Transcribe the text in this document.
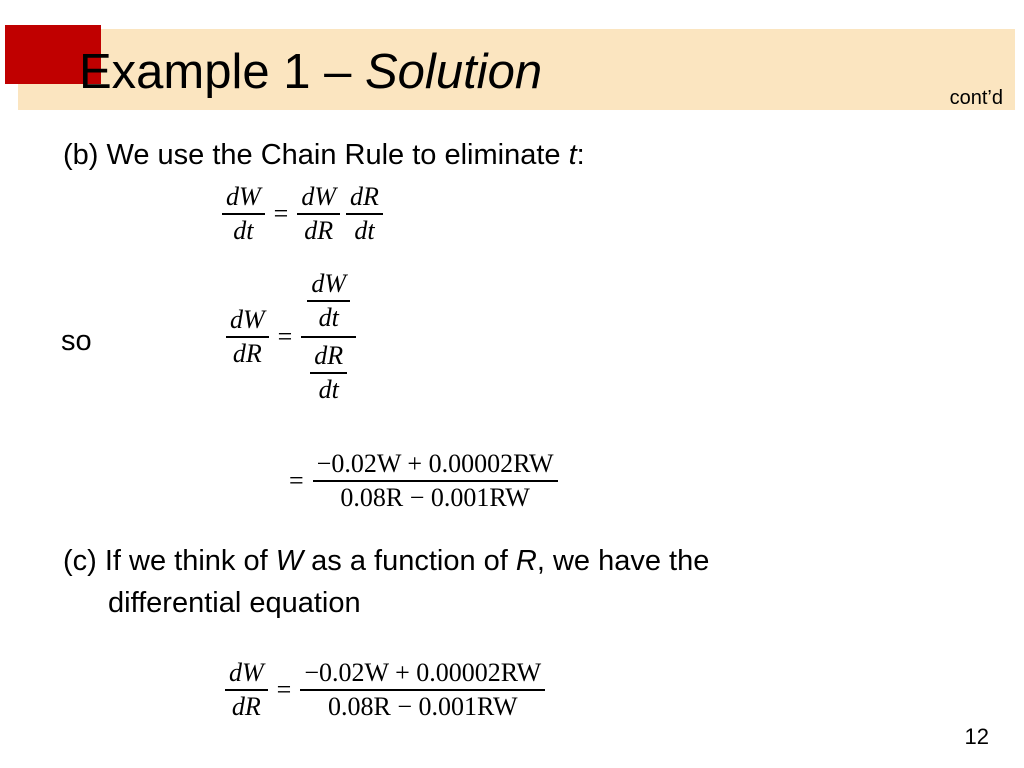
Example 1 – Solution	cont’d
(b) We use the Chain Rule to eliminate t:
$\frac{dW}{dt} = \frac{dW}{dR} \frac{dR}{dt}$
so	$\frac{dW}{dR} = \frac{\frac{dW}{dt}}{\frac{dR}{dt}}$
= $\frac{-0.02W + 0.00002RW}{0.08R - 0.001RW}$
(c) If we think of W as a function of R, we have the
differential equation
$\frac{dW}{dR} = \frac{-0.02W + 0.00002RW}{0.08R - 0.001RW}$
12
